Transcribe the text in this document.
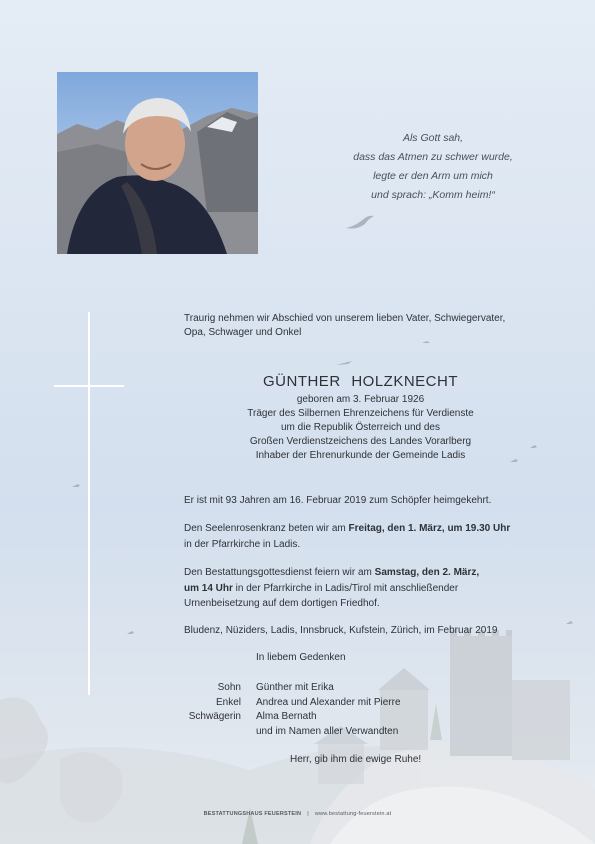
Als Gott sah,
dass das Atmen zu schwer wurde,
legte er den Arm um mich
und sprach: „Komm heim!“
Traurig nehmen wir Abschied von unserem lieben Vater, Schwiegervater,
Opa, Schwager und Onkel
GÜNTHER HOLZKNECHT
geboren am 3. Februar 1926
Träger des Silbernen Ehrenzeichens für Verdienste
um die Republik Österreich und des
Großen Verdienstzeichens des Landes Vorarlberg
Inhaber der Ehrenurkunde der Gemeinde Ladis
Er ist mit 93 Jahren am 16. Februar 2019 zum Schöpfer heimgekehrt.
Den Seelenrosenkranz beten wir am Freitag, den 1. März, um 19.30 Uhr
in der Pfarrkirche in Ladis.
Den Bestattungsgottesdienst feiern wir am Samstag, den 2. März,
um 14 Uhr in der Pfarrkirche in Ladis/Tirol mit anschließender
Urnenbeisetzung auf dem dortigen Friedhof.
Bludenz, Nüziders, Ladis, Innsbruck, Kufstein, Zürich, im Februar 2019
In liebem Gedenken
Sohn Günther mit Erika
Enkel Andrea und Alexander mit Pierre
Schwägerin Alma Bernath
und im Namen aller Verwandten
Herr, gib ihm die ewige Ruhe!
BESTATTUNGSHAUS FEUERSTEIN | www.bestattung-feuerstein.at
